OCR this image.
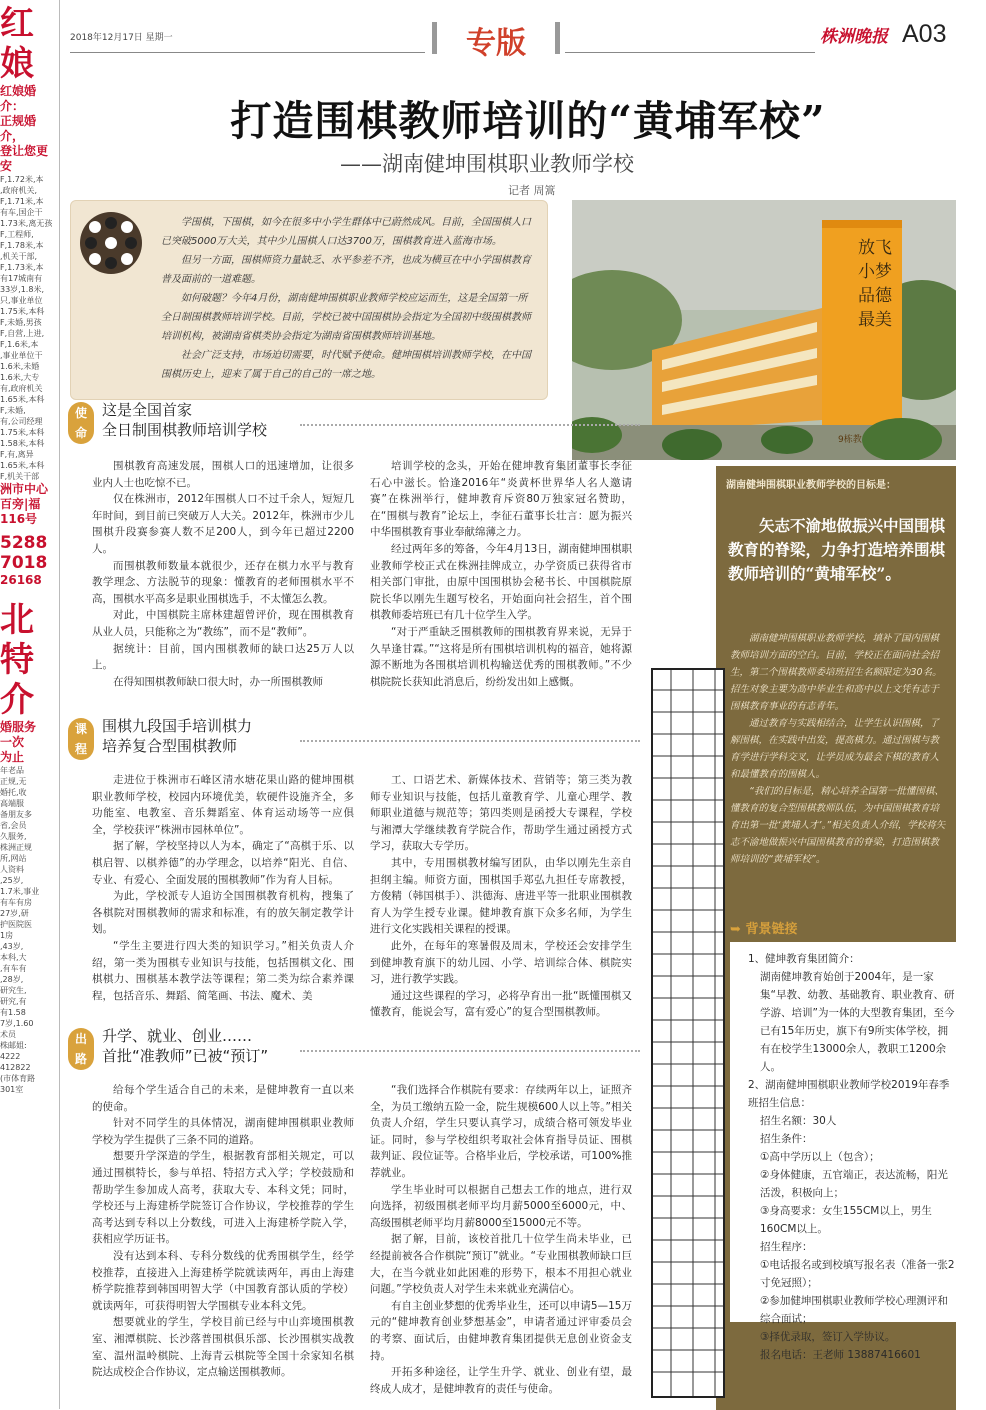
红娘
红娘婚介：
正规婚介，
登让您更安
F,1.72米,本
,政府机关,
F,1.71米,本
有车,国企干
1.73米,离无孩
F,工程师,
F,1.78米,本
,机关干部,
F,1.73米,本
有17城南有
33岁,1.8米,
只,事业单位
1.75米,本科
F,未婚,男孩
F,自营,上进,
F,1.6米,本
,事业单位干
1.6米,未婚
1.6米,大专
有,政府机关
1.65米,本科
F,未婚,
有,公司经理
1.75米,本科
1.58米,本科
F,有,离异
1.65米,本科
F,机关干部
洲市中心
百旁|福
116号
5288
7018
26168
北特
介
婚服务
一次
为止
年老品
正规,无
婚托,收
高端服
备朋友多
省,会员
久服务,
株洲正规
所,网站
人资料
,25岁,
1.7米,事业
有车有房
27岁,研
护医院医
1房
,43岁,
本科,大
,有车有
,28岁,
研究生,
研究,有
有1.58
7岁,1.60
术员
株邮姐:
4222
412822
(市体育路
301室
2018年12月17日 星期一	专版	株洲晚报 A03
打造围棋教师培训的“黄埔军校”
——湖南健坤围棋职业教师学校
记者 周篙

学围棋，下围棋，如今在很多中小学生群体中已蔚然成风。目前，全国围棋人口已突破5000万大关，其中少儿围棋人口达3700万，围棋教育进入蓝海市场。

但另一方面，围棋师资力量缺乏、水平参差不齐，也成为横亘在中小学围棋教育普及面前的一道难题。

如何破题？今年4月份，湖南健坤围棋职业教师学校应运而生，这是全国第一所全日制围棋教师培训学校。目前，学校已被中国围棋协会指定为全国初中级围棋教师培训机构，被湖南省棋类协会指定为湖南省围棋教师培训基地。

社会广泛支持，市场迫切需要，时代赋予使命。健坤围棋培训教师学校，在中国围棋历史上，迎来了属于自己的自己的一席之地。

放飞小梦 品德最美
9栋教
使
命
这是全国首家
全日制围棋教师培训学校

围棋教育高速发展，围棋人口的迅速增加，让很多业内人士也吃惊不已。

仅在株洲市，2012年围棋人口不过千余人，短短几年时间，到目前已突破万人大关。2012年，株洲市少儿围棋升段赛参赛人数不足200人，到今年已超过2200人。

而围棋教师数量本就很少，还存在棋力水平与教育教学理念、方法脱节的现象：懂教育的老师围棋水平不高，围棋水平高多是职业围棋选手，不太懂怎么教。

对此，中国棋院主席林建超曾评价，现在围棋教育从业人员，只能称之为“教练”，而不是“教师”。

据统计：目前，国内围棋教师的缺口达25万人以上。

在得知围棋教师缺口很大时，办一所围棋教师

培训学校的念头，开始在健坤教育集团董事长李征石心中滋长。恰逢2016年“炎黄杯世界华人名人邀请赛”在株洲举行，健坤教育斥资80万独家冠名赞助，在“围棋与教育”论坛上，李征石董事长壮言：愿为振兴中华围棋教育事业奉献绵薄之力。

经过两年多的筹备，今年4月13日，湖南健坤围棋职业教师学校正式在株洲挂牌成立，办学资质已获得省市相关部门审批，由原中国围棋协会秘书长、中国棋院原院长华以刚先生题写校名，开始面向社会招生，首个围棋教师委培班已有几十位学生入学。

“对于严重缺乏围棋教师的围棋教育界来说，无异于久旱逢甘霖。”“这将是所有围棋培训机构的福音，她将源源不断地为各围棋培训机构输送优秀的围棋教师。”不少棋院院长获知此消息后，纷纷发出如上感慨。

课
程
围棋九段国手培训棋力
培养复合型围棋教师

走进位于株洲市石峰区清水塘花果山路的健坤围棋职业教师学校，校园内环境优美，软硬件设施齐全，多功能室、电教室、音乐舞蹈室、体育运动场等一应俱全，学校获评“株洲市园林单位”。

据了解，学校坚持以人为本，确定了“高棋于乐、以棋启智、以棋养德”的办学理念，以培养“阳光、自信、专业、有爱心、全面发展的围棋教师”作为育人目标。

为此，学校派专人追访全国围棋教育机构，搜集了各棋院对围棋教师的需求和标准，有的放矢制定教学计划。

“学生主要进行四大类的知识学习。”相关负责人介绍，第一类为围棋专业知识与技能，包括围棋文化、围棋棋力、围棋基本教学法等课程；第二类为综合素养课程，包括音乐、舞蹈、简笔画、书法、魔术、美

工、口语艺术、新媒体技术、营销等；第三类为教师专业知识与技能，包括儿童教育学、儿童心理学、教师职业道德与规范等；第四类则是函授大专课程，学校与湘潭大学继续教育学院合作，帮助学生通过函授方式学习，获取大专学历。

其中，专用围棋教材编写团队，由华以刚先生亲自担纲主编。师资方面，围棋国手郑弘九担任专席教授，方俊精（韩国棋手）、洪德海、唐进平等一批职业围棋教育人为学生授专业课。健坤教育旗下众多名师，为学生进行文化实践相关课程的授课。

此外，在每年的寒暑假及周末，学校还会安排学生到健坤教育旗下的幼儿园、小学、培训综合体、棋院实习，进行教学实践。

通过这些课程的学习，必将孕育出一批“既懂围棋又懂教育，能说会写，富有爱心”的复合型围棋教师。

出
路
升学、就业、创业……
首批“准教师”已被“预订”

给每个学生适合自己的未来，是健坤教育一直以来的使命。

针对不同学生的具体情况，湖南健坤围棋职业教师学校为学生提供了三条不同的道路。

想要升学深造的学生，根据教育部相关规定，可以通过围棋特长，参与单招、特招方式入学；学校鼓励和帮助学生参加成人高考，获取大专、本科文凭；同时，学校还与上海建桥学院签订合作协议，学校推荐的学生高考达到专科以上分数线，可进入上海建桥学院入学，获相应学历证书。

没有达到本科、专科分数线的优秀围棋学生，经学校推荐，直接进入上海建桥学院就读两年，再由上海建桥学院推荐到韩国明智大学（中国教育部认质的学校）就读两年，可获得明智大学围棋专业本科文凭。

想要就业的学生，学校目前已经与中山弈境围棋教室、湘潭棋院、长沙落普围棋俱乐部、长沙围棋实战教室、温州温岭棋院、上海青云棋院等全国十余家知名棋院达成校企合作协议，定点输送围棋教师。

“我们选择合作棋院有要求：存续两年以上，证照齐全，为员工缴纳五险一金，院生规模600人以上等。”相关负责人介绍，学生只要认真学习，成绩合格可领发毕业证。同时，参与学校组织考取社会体育指导员证、围棋裁判证、段位证等。合格毕业后，学校承诺，可100%推荐就业。

学生毕业时可以根据自己想去工作的地点，进行双向选择，初级围棋老师平均月薪5000至6000元，中、高级围棋老师平均月薪8000至15000元不等。

据了解，目前，该校首批几十位学生尚未毕业，已经提前被各合作棋院“预订”就业。“专业围棋教师缺口巨大，在当今就业如此困难的形势下，根本不用担心就业问题。”学校负责人对学生未来就业充满信心。

有自主创业梦想的优秀毕业生，还可以申请5—15万元的“健坤教育创业梦想基金”，申请者通过评审委员会的考察、面试后，由健坤教育集团提供无息创业资金支持。

开拓多种途径，让学生升学、就业、创业有望，最终成人成才，是健坤教育的责任与使命。

湖南健坤围棋职业教师学校的目标是：
矢志不渝地做振兴中国围棋教育的脊梁，力争打造培养围棋教师培训的“黄埔军校”。

湖南健坤围棋职业教师学校，填补了国内围棋教师培训方面的空白。目前，学校正在面向社会招生，第二个围棋教师委培班招生名额限定为30名。招生对象主要为高中毕业生和高中以上文凭有志于围棋教育事业的有志青年。

通过教育与实践相结合，让学生认识围棋，了解围棋，在实践中出发，提高棋力。通过围棋与教育学进行学科交叉，让学员成为最会下棋的教育人和最懂教育的围棋人。

“我们的目标是，精心培养全国第一批懂围棋、懂教育的复合型围棋教师队伍，为中国围棋教育培育出第一批‘黄埔人才’。”相关负责人介绍，学校将矢志不渝地做振兴中国围棋教育的脊梁，打造围棋教师培训的“黄埔军校”。

➥ 背景链接

1、健坤教育集团简介：

湖南健坤教育始创于2004年，是一家集“早教、幼教、基础教育、职业教育、研学游、培训”为一体的大型教育集团，至今已有15年历史，旗下有9所实体学校，拥有在校学生13000余人，教职工1200余人。

2、湖南健坤围棋职业教师学校2019年春季班招生信息：

招生名额：30人

招生条件：

①高中学历以上（包含）；

②身体健康，五官端正，表达流畅，阳光活泼，积极向上；

③身高要求：女生155CM以上，男生160CM以上。

招生程序：

①电话报名或到校填写报名表（准备一张2寸免冠照）；

②参加健坤围棋职业教师学校心理测评和综合面试；

③择优录取，签订入学协议。

报名电话：王老师 13887416601
